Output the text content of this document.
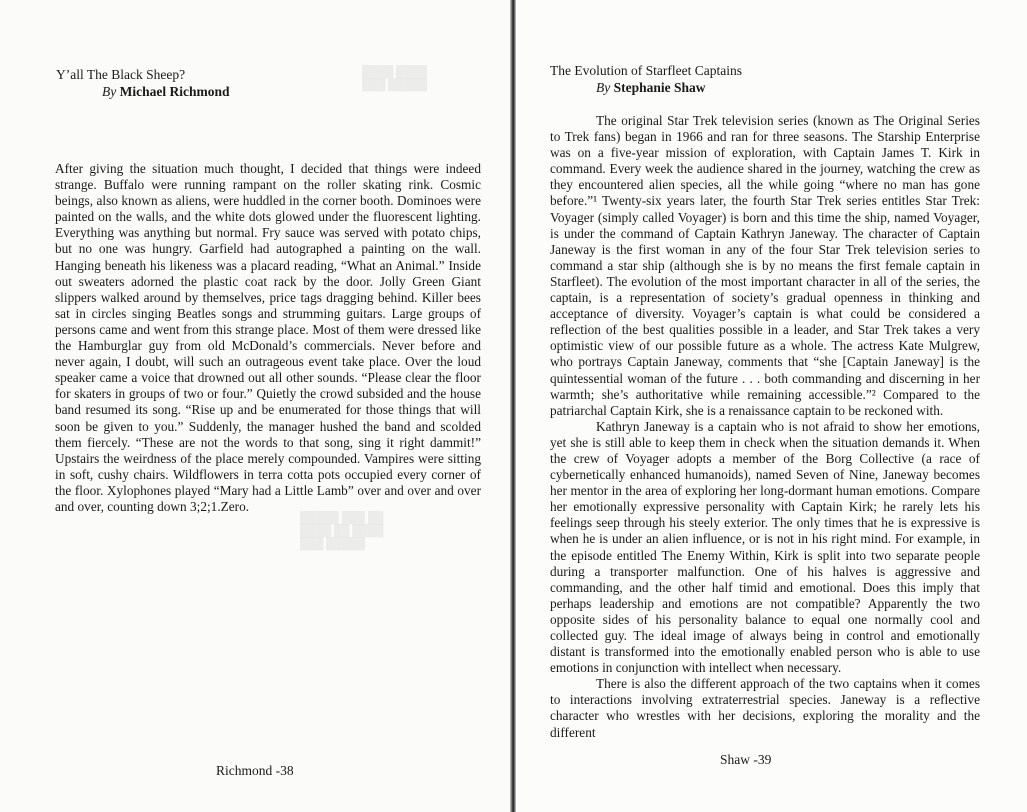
████ ████
███ █████
█████ ███ ██
████ ██ ████
███ █████
Y’all The Black Sheep?
By Michael Richmond

After giving the situation much thought, I decided that things were indeed strange. Buffalo were running rampant on the roller skating rink. Cosmic beings, also known as aliens, were huddled in the corner booth. Dominoes were painted on the walls, and the white dots glowed under the fluorescent lighting. Everything was anything but normal. Fry sauce was served with potato chips, but no one was hungry. Garfield had autographed a painting on the wall. Hanging beneath his likeness was a placard reading, “What an Animal.” Inside out sweaters adorned the plastic coat rack by the door. Jolly Green Giant slippers walked around by themselves, price tags dragging behind. Killer bees sat in circles singing Beatles songs and strumming guitars. Large groups of persons came and went from this strange place. Most of them were dressed like the Hamburglar guy from old McDonald’s commercials. Never before and never again, I doubt, will such an outrageous event take place. Over the loud speaker came a voice that drowned out all other sounds. “Please clear the floor for skaters in groups of two or four.” Quietly the crowd subsided and the house band resumed its song. “Rise up and be enumerated for those things that will soon be given to you.” Suddenly, the manager hushed the band and scolded them fiercely. “These are not the words to that song, sing it right dammit!” Upstairs the weirdness of the place merely compounded. Vampires were sitting in soft, cushy chairs. Wildflowers in terra cotta pots occupied every corner of the floor. Xylophones played “Mary had a Little Lamb” over and over and over and over, counting down 3;2;1.Zero.

Richmond -38
The Evolution of Starfleet Captains
By Stephanie Shaw

The original Star Trek television series (known as The Original Series to Trek fans) began in 1966 and ran for three seasons. The Starship Enterprise was on a five-year mission of exploration, with Captain James T. Kirk in command. Every week the audience shared in the journey, watching the crew as they encountered alien species, all the while going “where no man has gone before.”¹ Twenty-six years later, the fourth Star Trek series entitles Star Trek: Voyager (simply called Voyager) is born and this time the ship, named Voyager, is under the command of Captain Kathryn Janeway. The character of Captain Janeway is the first woman in any of the four Star Trek television series to command a star ship (although she is by no means the first female captain in Starfleet). The evolution of the most important character in all of the series, the captain, is a representation of society’s gradual openness in thinking and acceptance of diversity. Voyager’s captain is what could be considered a reflection of the best qualities possible in a leader, and Star Trek takes a very optimistic view of our possible future as a whole. The actress Kate Mulgrew, who portrays Captain Janeway, comments that “she [Captain Janeway] is the quintessential woman of the future . . . both commanding and discerning in her warmth; she’s authoritative while remaining accessible.”² Compared to the patriarchal Captain Kirk, she is a renaissance captain to be reckoned with.

Kathryn Janeway is a captain who is not afraid to show her emotions, yet she is still able to keep them in check when the situation demands it. When the crew of Voyager adopts a member of the Borg Collective (a race of cybernetically enhanced humanoids), named Seven of Nine, Janeway becomes her mentor in the area of exploring her long-dormant human emotions. Compare her emotionally expressive personality with Captain Kirk; he rarely lets his feelings seep through his steely exterior. The only times that he is expressive is when he is under an alien influence, or is not in his right mind. For example, in the episode entitled The Enemy Within, Kirk is split into two separate people during a transporter malfunction. One of his halves is aggressive and commanding, and the other half timid and emotional. Does this imply that perhaps leadership and emotions are not compatible? Apparently the two opposite sides of his personality balance to equal one normally cool and collected guy. The ideal image of always being in control and emotionally distant is transformed into the emotionally enabled person who is able to use emotions in conjunction with intellect when necessary.

There is also the different approach of the two captains when it comes to interactions involving extraterrestrial species. Janeway is a reflective character who wrestles with her decisions, exploring the morality and the different

Shaw -39
